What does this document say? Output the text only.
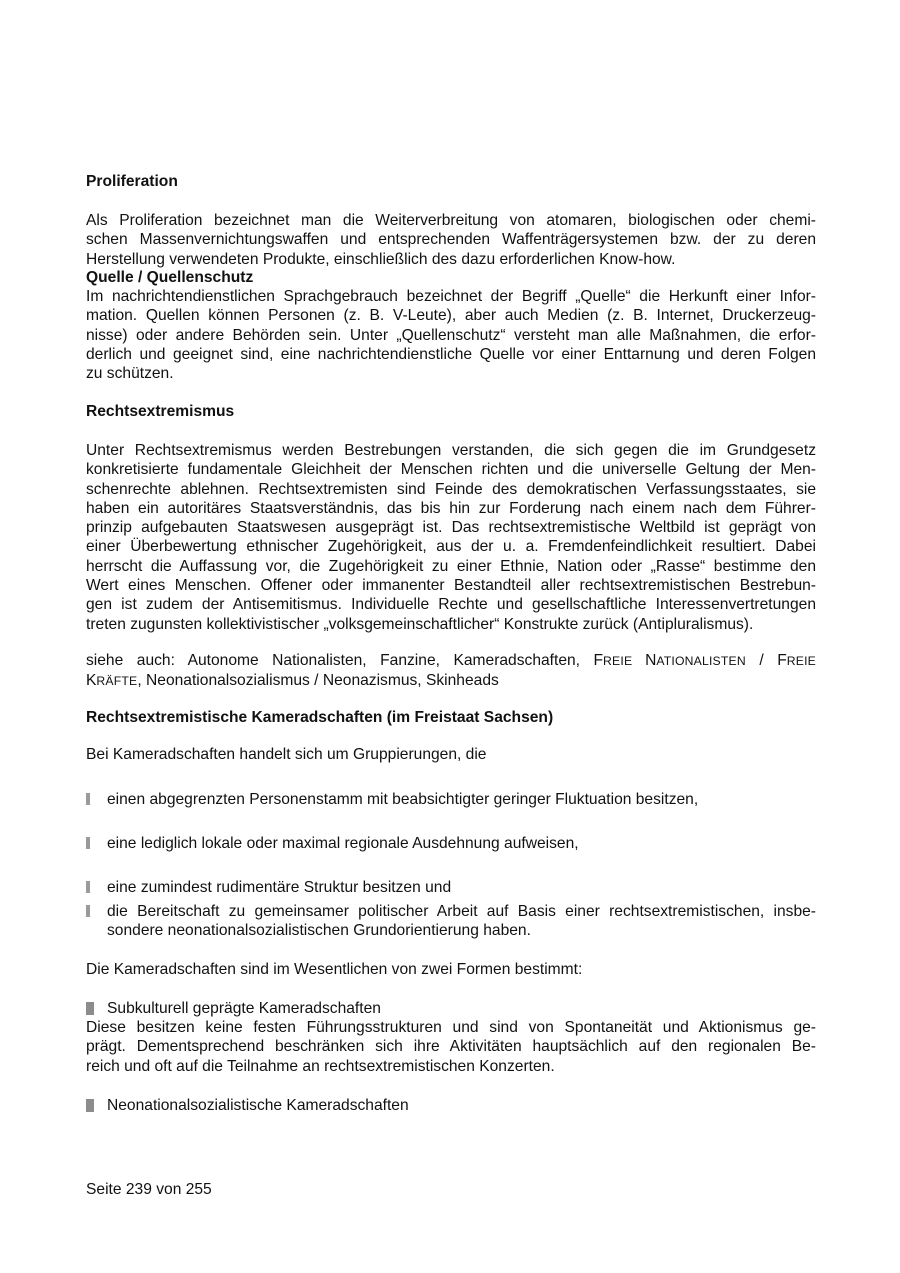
Proliferation
Als Proliferation bezeichnet man die Weiterverbreitung von atomaren, biologischen oder chemi-
schen Massenvernichtungswaffen und entsprechenden Waffenträgersystemen bzw. der zu deren
Herstellung verwendeten Produkte, einschließlich des dazu erforderlichen Know-how.
Quelle / Quellenschutz
Im nachrichtendienstlichen Sprachgebrauch bezeichnet der Begriff „Quelle“ die Herkunft einer Infor-
mation. Quellen können Personen (z. B. V-Leute), aber auch Medien (z. B. Internet, Druckerzeug-
nisse) oder andere Behörden sein. Unter „Quellenschutz“ versteht man alle Maßnahmen, die erfor-
derlich und geeignet sind, eine nachrichtendienstliche Quelle vor einer Enttarnung und deren Folgen
zu schützen.
Rechtsextremismus
Unter Rechtsextremismus werden Bestrebungen verstanden, die sich gegen die im Grundgesetz
konkretisierte fundamentale Gleichheit der Menschen richten und die universelle Geltung der Men-
schenrechte ablehnen. Rechtsextremisten sind Feinde des demokratischen Verfassungsstaates, sie
haben ein autoritäres Staatsverständnis, das bis hin zur Forderung nach einem nach dem Führer-
prinzip aufgebauten Staatswesen ausgeprägt ist. Das rechtsextremistische Weltbild ist geprägt von
einer Überbewertung ethnischer Zugehörigkeit, aus der u. a. Fremdenfeindlichkeit resultiert. Dabei
herrscht die Auffassung vor, die Zugehörigkeit zu einer Ethnie, Nation oder „Rasse“ bestimme den
Wert eines Menschen. Offener oder immanenter Bestandteil aller rechtsextremistischen Bestrebun-
gen ist zudem der Antisemitismus. Individuelle Rechte und gesellschaftliche Interessenvertretungen
treten zugunsten kollektivistischer „volksgemeinschaftlicher“ Konstrukte zurück (Antipluralismus).
siehe auch: Autonome Nationalisten, Fanzine, Kameradschaften, FREIE NATIONALISTEN / FREIE
KRÄFTE, Neonationalsozialismus / Neonazismus, Skinheads
Rechtsextremistische Kameradschaften (im Freistaat Sachsen)
Bei Kameradschaften handelt sich um Gruppierungen, die
einen abgegrenzten Personenstamm mit beabsichtigter geringer Fluktuation besitzen,
eine lediglich lokale oder maximal regionale Ausdehnung aufweisen,
eine zumindest rudimentäre Struktur besitzen und
die Bereitschaft zu gemeinsamer politischer Arbeit auf Basis einer rechtsextremistischen, insbe-
sondere neonationalsozialistischen Grundorientierung haben.
Die Kameradschaften sind im Wesentlichen von zwei Formen bestimmt:
Subkulturell geprägte Kameradschaften
Diese besitzen keine festen Führungsstrukturen und sind von Spontaneität und Aktionismus ge-
prägt. Dementsprechend beschränken sich ihre Aktivitäten hauptsächlich auf den regionalen Be-
reich und oft auf die Teilnahme an rechtsextremistischen Konzerten.
Neonationalsozialistische Kameradschaften
Seite 239 von 255
